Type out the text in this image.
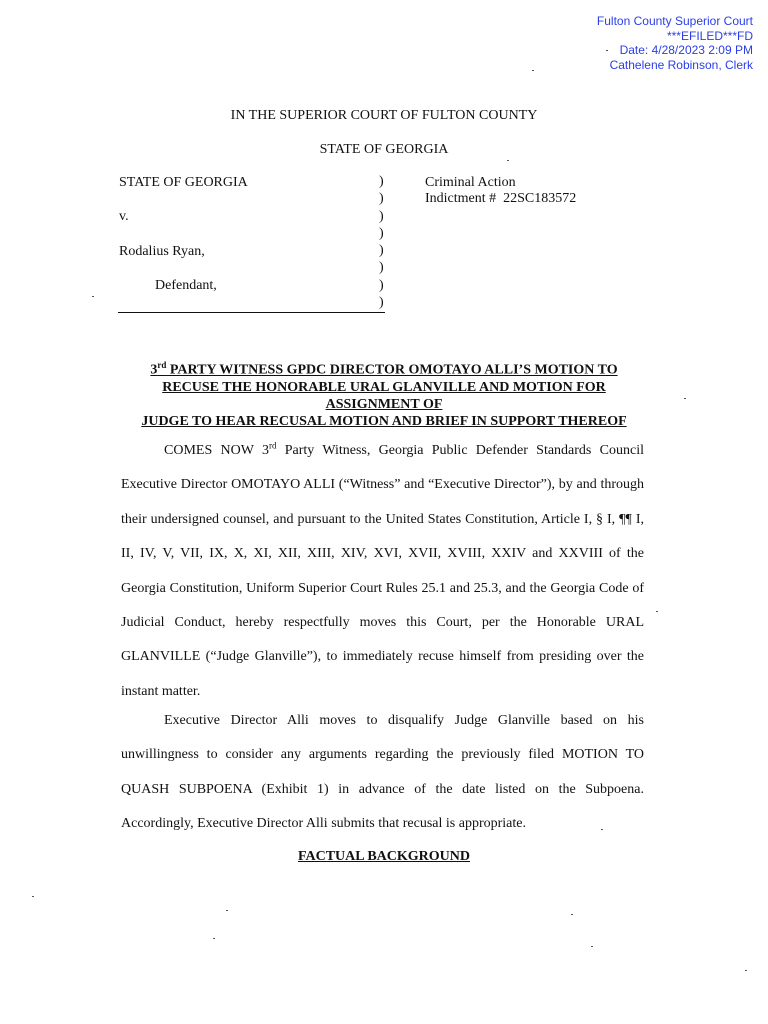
Fulton County Superior Court
***EFILED***FD
Date: 4/28/2023 2:09 PM
Cathelene Robinson, Clerk
IN THE SUPERIOR COURT OF FULTON COUNTY
STATE OF GEORGIA
STATE OF GEORGIA
v.
Rodalius Ryan,
Defendant,
)
)
)
)
)
)
)
)
Criminal Action
Indictment #  22SC183572
3rd PARTY WITNESS GPDC DIRECTOR OMOTAYO ALLI’S MOTION TO
RECUSE THE HONORABLE URAL GLANVILLE AND MOTION FOR
ASSIGNMENT OF
JUDGE TO HEAR RECUSAL MOTION AND BRIEF IN SUPPORT THEREOF
COMES NOW 3rd Party Witness, Georgia Public Defender Standards Council Executive Director OMOTAYO ALLI (“Witness” and “Executive Director”), by and through their undersigned counsel, and pursuant to the United States Constitution, Article I, § I, ¶¶ I, II, IV, V, VII, IX, X, XI, XII, XIII, XIV, XVI, XVII, XVIII, XXIV and XXVIII of the Georgia Constitution, Uniform Superior Court Rules 25.1 and 25.3, and the Georgia Code of Judicial Conduct, hereby respectfully moves this Court, per the Honorable URAL GLANVILLE (“Judge Glanville”), to immediately recuse himself from presiding over the instant matter.
Executive Director Alli moves to disqualify Judge Glanville based on his unwillingness to consider any arguments regarding the previously filed MOTION TO QUASH SUBPOENA (Exhibit 1) in advance of the date listed on the Subpoena. Accordingly, Executive Director Alli submits that recusal is appropriate.
FACTUAL BACKGROUND
